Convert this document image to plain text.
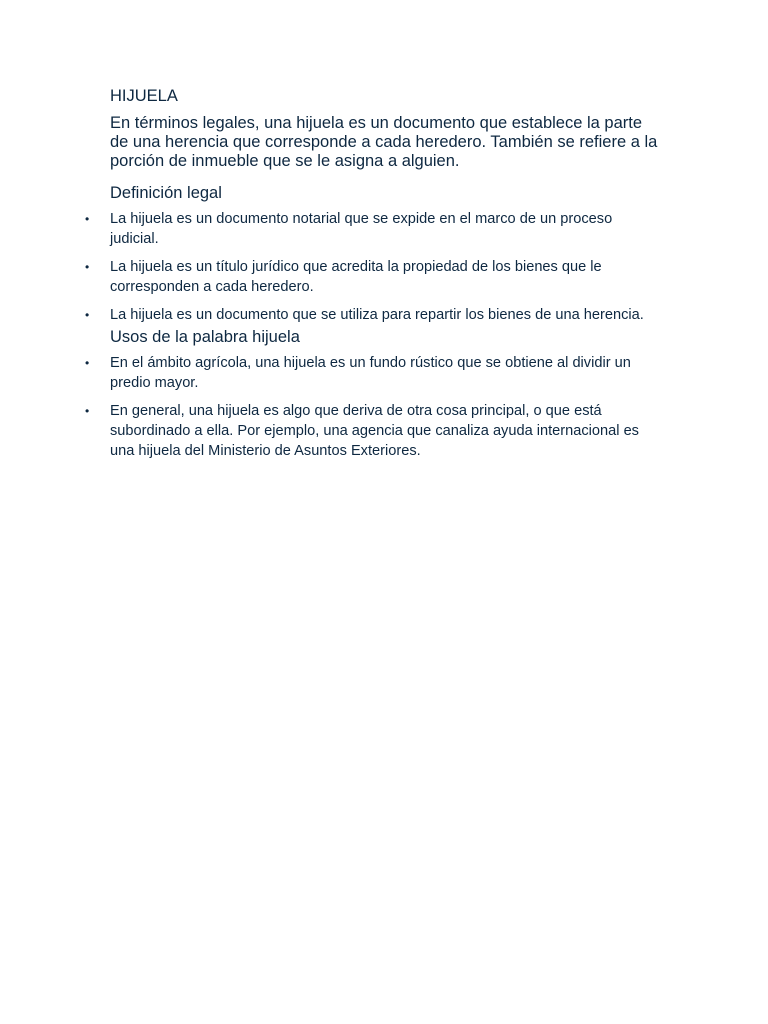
HIJUELA

En términos legales, una hijuela es un documento que establece la parte de una herencia que corresponde a cada heredero. También se refiere a la porción de inmueble que se le asigna a alguien.

Definición legal
• La hijuela es un documento notarial que se expide en el marco de un proceso judicial.
• La hijuela es un título jurídico que acredita la propiedad de los bienes que le corresponden a cada heredero.
• La hijuela es un documento que se utiliza para repartir los bienes de una herencia.
Usos de la palabra hijuela
• En el ámbito agrícola, una hijuela es un fundo rústico que se obtiene al dividir un predio mayor.
• En general, una hijuela es algo que deriva de otra cosa principal, o que está subordinado a ella. Por ejemplo, una agencia que canaliza ayuda internacional es una hijuela del Ministerio de Asuntos Exteriores.
